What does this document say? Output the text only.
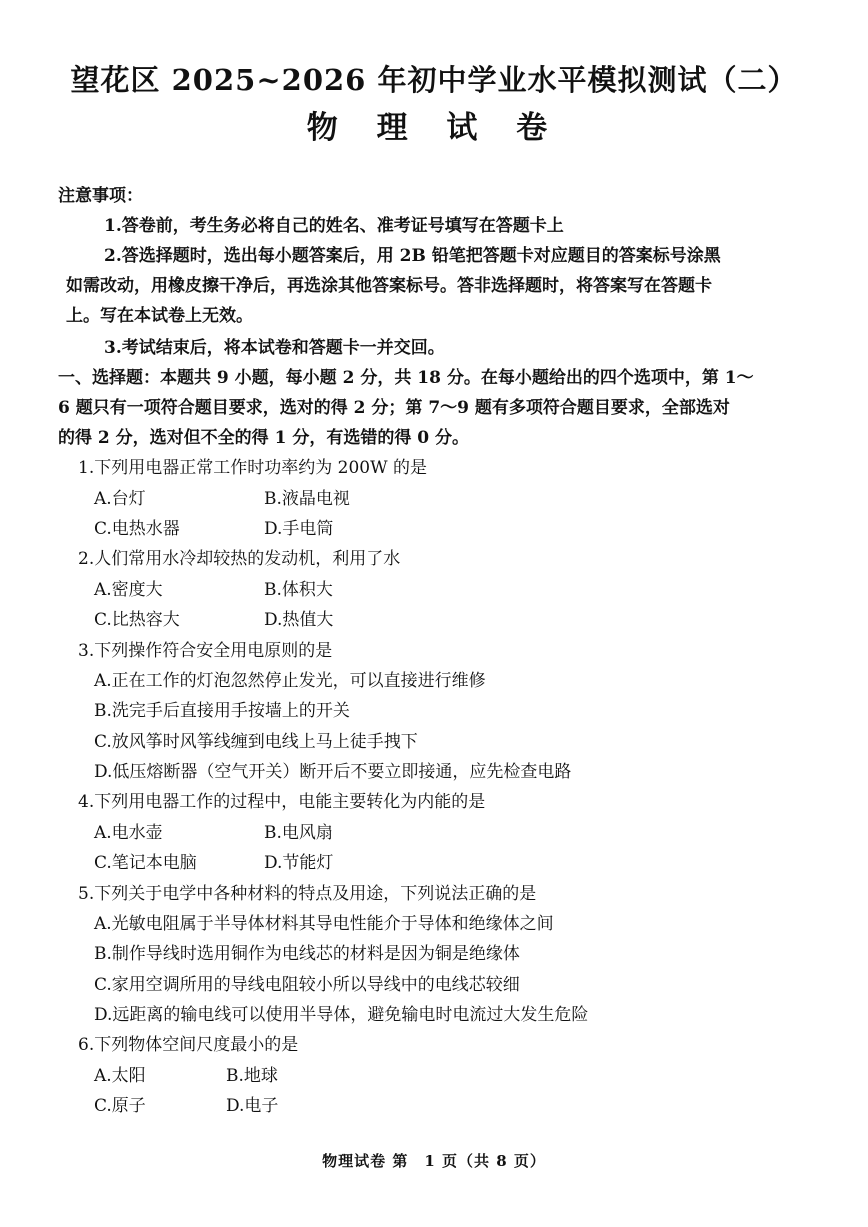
望花区 2025~2026 年初中学业水平模拟测试（二）
物 理 试 卷
注意事项：
1.答卷前，考生务必将自己的姓名、准考证号填写在答题卡上
2.答选择题时，选出每小题答案后，用 2B 铅笔把答题卡对应题目的答案标号涂黑
如需改动，用橡皮擦干净后，再选涂其他答案标号。答非选择题时，将答案写在答题卡
上。写在本试卷上无效。
3.考试结束后，将本试卷和答题卡一并交回。
一、选择题：本题共 9 小题，每小题 2 分，共 18 分。在每小题给出的四个选项中，第 1～
6 题只有一项符合题目要求，选对的得 2 分；第 7～9 题有多项符合题目要求，全部选对
的得 2 分，选对但不全的得 1 分，有选错的得 0 分。
1.下列用电器正常工作时功率约为 200W 的是
A.台灯	B.液晶电视
C.电热水器	D.手电筒
2.人们常用水冷却较热的发动机，利用了水
A.密度大	B.体积大
C.比热容大	D.热值大
3.下列操作符合安全用电原则的是
A.正在工作的灯泡忽然停止发光，可以直接进行维修
B.洗完手后直接用手按墙上的开关
C.放风筝时风筝线缠到电线上马上徒手拽下
D.低压熔断器（空气开关）断开后不要立即接通，应先检查电路
4.下列用电器工作的过程中，电能主要转化为内能的是
A.电水壶	B.电风扇
C.笔记本电脑	D.节能灯
5.下列关于电学中各种材料的特点及用途，下列说法正确的是
A.光敏电阻属于半导体材料其导电性能介于导体和绝缘体之间
B.制作导线时选用铜作为电线芯的材料是因为铜是绝缘体
C.家用空调所用的导线电阻较小所以导线中的电线芯较细
D.远距离的输电线可以使用半导体，避免输电时电流过大发生危险
6.下列物体空间尺度最小的是
A.太阳	B.地球
C.原子	D.电子
物理试卷 第　1 页（共 8 页）
